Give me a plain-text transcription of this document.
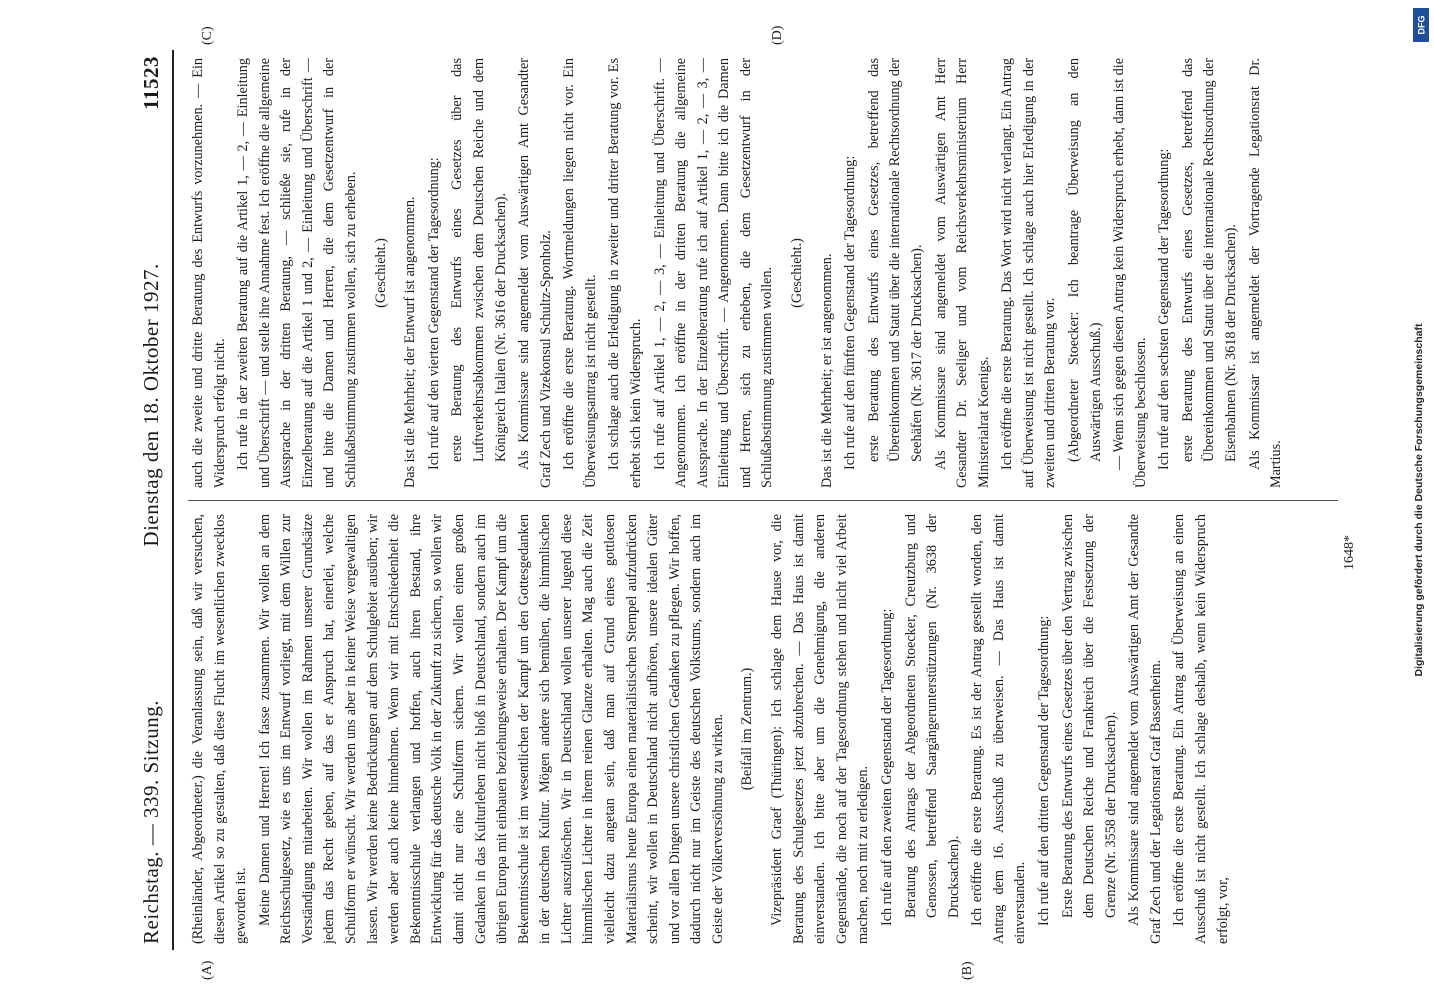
Reichstag. — 339. Sitzung.
Dienstag den 18. Oktober 1927.
11523
(A)	(B)
(C)	(D)

(Rheinländer, Abgeordneter.) die Veranlassung sein, daß wir versuchen, diesen Artikel so zu gestalten, daß diese Flucht im wesentlichen zwecklos geworden ist. Meine Damen und Herren! Ich fasse zusammen. Wir wollen an dem Reichsschulgesetz, wie es uns im Entwurf vorliegt, mit dem Willen zur Verständigung mitarbeiten. Wir wollen im Rahmen unserer Grundsätze jedem das Recht geben, auf das er Anspruch hat, einerlei, welche Schulform er wünscht. Wir werden uns aber in keiner Weise vergewaltigen lassen. Wir werden keine Bedrückungen auf dem Schulgebiet ausüben; wir werden aber auch keine hinnehmen. Wenn wir mit Entschiedenheit die Bekenntnisschule verlangen und hoffen, auch ihren Bestand, ihre Entwicklung für das deutsche Volk in der Zukunft zu sichern, so wollen wir damit nicht nur eine Schulform sichern. Wir wollen einen großen Gedanken in das Kulturleben nicht bloß in Deutschland, sondern auch im übrigen Europa mit einbauen beziehungsweise erhalten. Der Kampf um die Bekenntnisschule ist im wesentlichen der Kampf um den Gottesgedanken in der deutschen Kultur. Mögen andere sich bemühen, die himmlischen Lichter auszulöschen. Wir in Deutschland wollen unserer Jugend diese himmlischen Lichter in ihrem reinen Glanze erhalten. Mag auch die Zeit vielleicht dazu angetan sein, daß man auf Grund eines gottlosen Materialismus heute Europa einen materialistischen Stempel aufzudrücken scheint, wir wollen in Deutschland nicht aufhören, unsere idealen Güter und vor allen Dingen unsere christlichen Gedanken zu pflegen. Wir hoffen, dadurch nicht nur im Geiste des deutschen Volkstums, sondern auch im Geiste der Völkerversöhnung zu wirken. (Beifall im Zentrum.) Vizepräsident Graef (Thüringen): Ich schlage dem Hause vor, die Beratung des Schulgesetzes jetzt abzubrechen. — Das Haus ist damit einverstanden. Ich bitte aber um die Genehmigung, die anderen Gegenstände, die noch auf der Tagesordnung stehen und nicht viel Arbeit machen, noch mit zu erledigen. Ich rufe auf den zweiten Gegenstand der Tagesordnung: Beratung des Antrags der Abgeordneten Stoecker, Creutzburg und Genossen, betreffend Saargängerunterstützungen (Nr. 3638 der Drucksachen). Ich eröffne die erste Beratung. Es ist der Antrag gestellt worden, den Antrag dem 16. Ausschuß zu überweisen. — Das Haus ist damit einverstanden. Ich rufe auf den dritten Gegenstand der Tagesordnung: Erste Beratung des Entwurfs eines Gesetzes über den Vertrag zwischen dem Deutschen Reiche und Frankreich über die Festsetzung der Grenze (Nr. 3558 der Drucksachen). Als Kommissare sind angemeldet vom Auswärtigen Amt der Gesandte Graf Zech und der Legationsrat Graf Bassenheim. Ich eröffne die erste Beratung. Ein Antrag auf Überweisung an einen Ausschuß ist nicht gestellt. Ich schlage deshalb, wenn kein Widerspruch erfolgt, vor,

auch die zweite und dritte Beratung des Entwurfs vorzunehmen. — Ein Widerspruch erfolgt nicht. Ich rufe in der zweiten Beratung auf die Artikel 1, — 2, — Einleitung und Überschrift — und stelle ihre Annahme fest. Ich eröffne die allgemeine Aussprache in der dritten Beratung, — schließe sie, rufe in der Einzelberatung auf die Artikel 1 und 2, — Einleitung und Überschrift — und bitte die Damen und Herren, die dem Gesetzentwurf in der Schlußabstimmung zustimmen wollen, sich zu erheben. (Geschieht.) Das ist die Mehrheit; der Entwurf ist angenommen. Ich rufe auf den vierten Gegenstand der Tagesordnung: erste Beratung des Entwurfs eines Gesetzes über das Luftverkehrsabkommen zwischen dem Deutschen Reiche und dem Königreich Italien (Nr. 3616 der Drucksachen). Als Kommissare sind angemeldet vom Auswärtigen Amt Gesandter Graf Zech und Vizekonsul Schultz-Sponholz. Ich eröffne die erste Beratung. Wortmeldungen liegen nicht vor. Ein Überweisungsantrag ist nicht gestellt. Ich schlage auch die Erledigung in zweiter und dritter Beratung vor. Es erhebt sich kein Widerspruch. Ich rufe auf Artikel 1, — 2, — 3, — Einleitung und Überschrift. — Angenommen. Ich eröffne in der dritten Beratung die allgemeine Aussprache. In der Einzelberatung rufe ich auf Artikel 1, — 2, — 3, — Einleitung und Überschrift. — Angenommen. Dann bitte ich die Damen und Herren, sich zu erheben, die dem Gesetzentwurf in der Schlußabstimmung zustimmen wollen. (Geschieht.) Das ist die Mehrheit; er ist angenommen. Ich rufe auf den fünften Gegenstand der Tagesordnung: erste Beratung des Entwurfs eines Gesetzes, betreffend das Übereinkommen und Statut über die internationale Rechtsordnung der Seehäfen (Nr. 3617 der Drucksachen). Als Kommissare sind angemeldet vom Auswärtigen Amt Herr Gesandter Dr. Seeliger und vom Reichsverkehrsministerium Herr Ministerialrat Koenigs. Ich eröffne die erste Beratung. Das Wort wird nicht verlangt. Ein Antrag auf Überweisung ist nicht gestellt. Ich schlage auch hier Erledigung in der zweiten und dritten Beratung vor. (Abgeordneter Stoecker: Ich beantrage Überweisung an den Auswärtigen Ausschuß.) — Wenn sich gegen diesen Antrag kein Widerspruch erhebt, dann ist die Überweisung beschlossen. Ich rufe auf den sechsten Gegenstand der Tagesordnung: erste Beratung des Entwurfs eines Gesetzes, betreffend das Übereinkommen und Statut über die internationale Rechtsordnung der Eisenbahnen (Nr. 3618 der Drucksachen). Als Kommissar ist angemeldet der Vortragende Legationsrat Dr. Martius.

1648*	Digitalisierung gefördert durch die Deutsche Forschungsgemeinschaft
DFG
